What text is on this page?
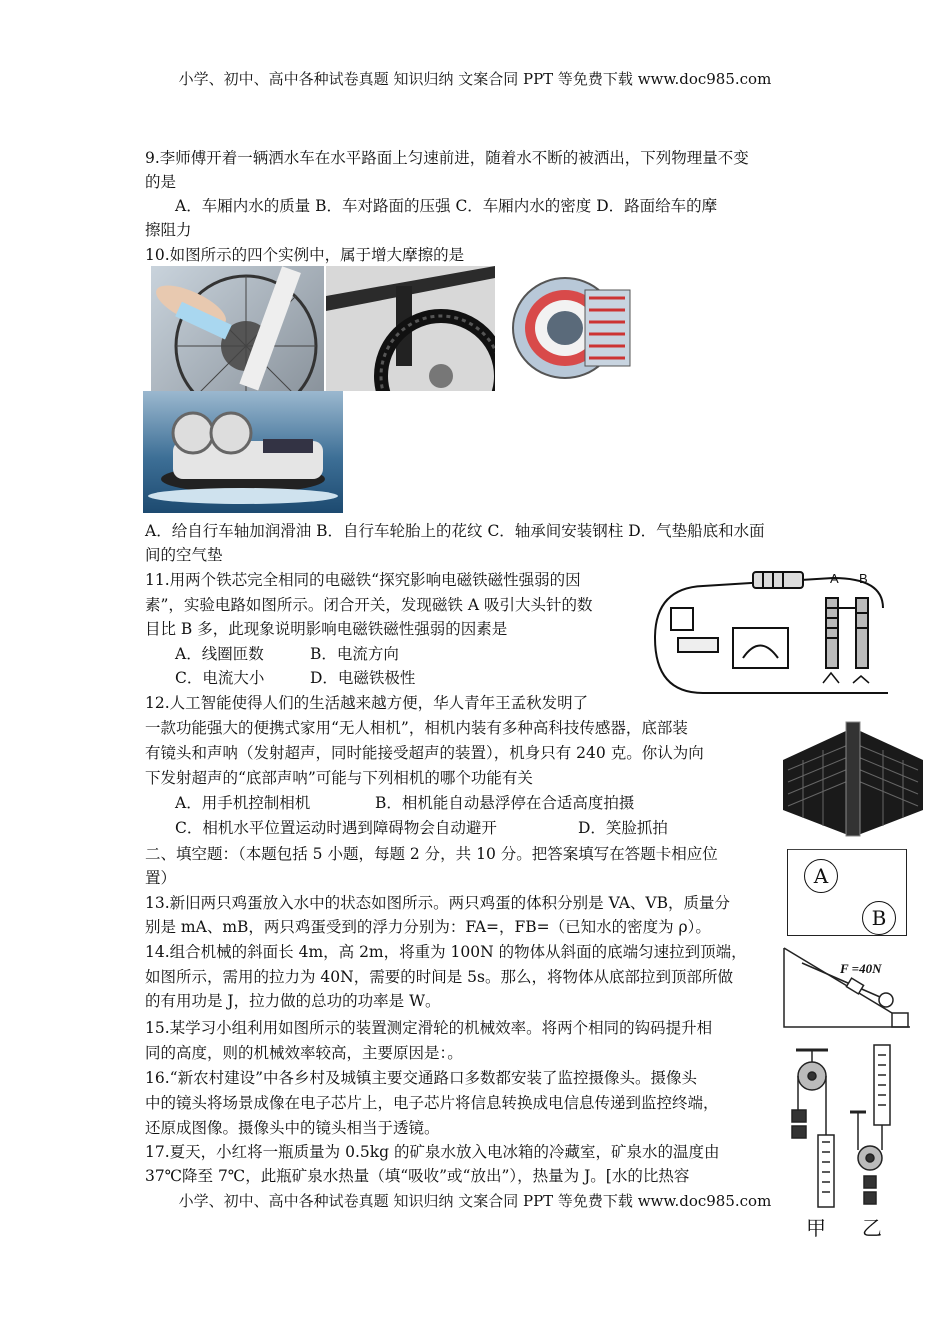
小学、初中、高中各种试卷真题 知识归纳 文案合同 PPT 等免费下载 www.doc985.com
9.李师傅开着一辆洒水车在水平路面上匀速前进，随着水不断的被洒出，下列物理量不变
的是
A．车厢内水的质量 B．车对路面的压强 C．车厢内水的密度 D．路面给车的摩
擦阻力
10.如图所示的四个实例中，属于增大摩擦的是
A．给自行车轴加润滑油 B．自行车轮胎上的花纹 C．轴承间安装钢柱 D．气垫船底和水面
间的空气垫
11.用两个铁芯完全相同的电磁铁“探究影响电磁铁磁性强弱的因
素”，实验电路如图所示。闭合开关，发现磁铁 A 吸引大头针的数
目比 B 多，此现象说明影响电磁铁磁性强弱的因素是
A．线圈匝数	B．电流方向
C．电流大小	D．电磁铁极性
A B
12.人工智能使得人们的生活越来越方便，华人青年王孟秋发明了
一款功能强大的便携式家用“无人相机”，相机内装有多种高科技传感器，底部装
有镜头和声呐（发射超声，同时能接受超声的装置），机身只有 240 克。你认为向
下发射超声的“底部声呐”可能与下列相机的哪个功能有关
A．用手机控制相机	B．相机能自动悬浮停在合适高度拍摄
C．相机水平位置运动时遇到障碍物会自动避开	D．笑脸抓拍
二、填空题：（本题包括 5 小题，每题 2 分，共 10 分。把答案填写在答题卡相应位
置）	A
B
13.新旧两只鸡蛋放入水中的状态如图所示。两只鸡蛋的体积分别是 VA、VB，质量分
别是 mA、mB，两只鸡蛋受到的浮力分别为：FA=，FB=（已知水的密度为 ρ）。
14.组合机械的斜面长 4m，高 2m，将重为 100N 的物体从斜面的底端匀速拉到顶端，
如图所示，需用的拉力为 40N，需要的时间是 5s。那么，将物体从底部拉到顶部所做
的有用功是 J，拉力做的总功的功率是 W。
F =40N
15.某学习小组利用如图所示的装置测定滑轮的机械效率。将两个相同的钩码提升相
同的高度，则的机械效率较高，主要原因是：。
甲 乙
16.“新农村建设”中各乡村及城镇主要交通路口多数都安装了监控摄像头。摄像头
中的镜头将场景成像在电子芯片上，电子芯片将信息转换成电信息传递到监控终端，
还原成图像。摄像头中的镜头相当于透镜。
17.夏天，小红将一瓶质量为 0.5kg 的矿泉水放入电冰箱的冷藏室，矿泉水的温度由
37℃降至 7℃，此瓶矿泉水热量（填“吸收”或“放出”），热量为 J。[水的比热容
小学、初中、高中各种试卷真题 知识归纳 文案合同 PPT 等免费下载 www.doc985.com
